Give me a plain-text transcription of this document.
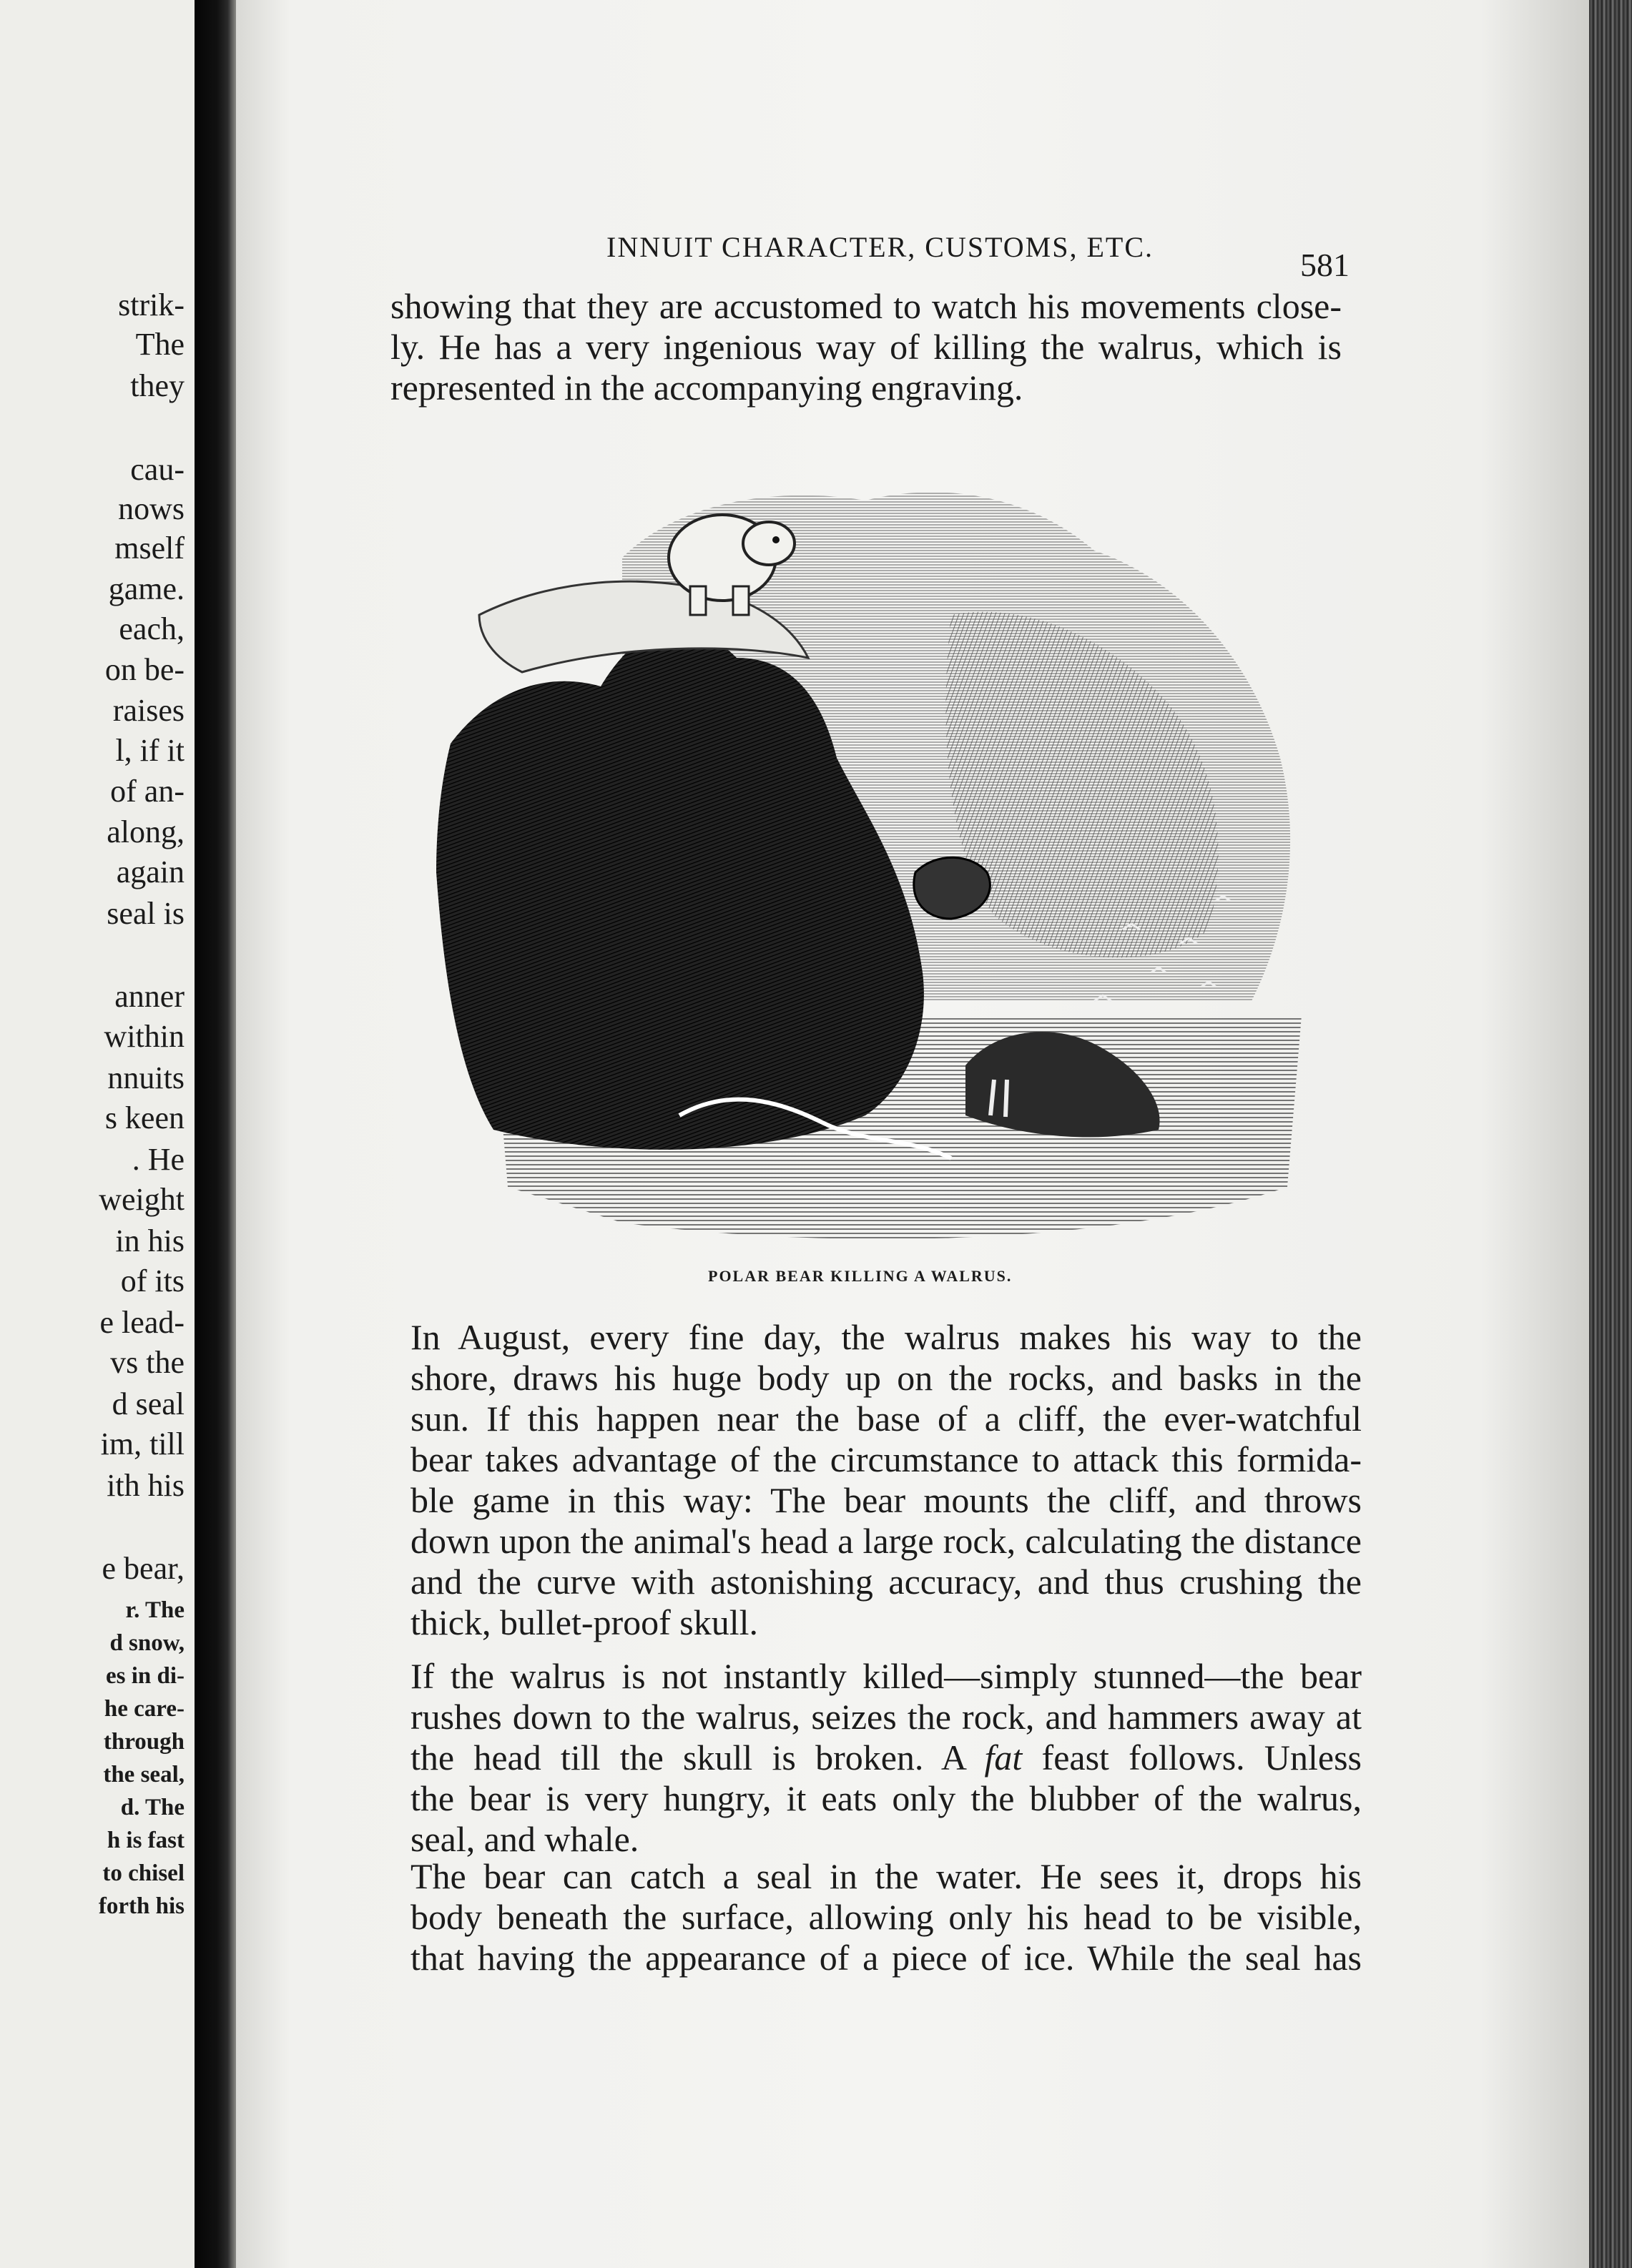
strik-
The
they
cau-
nows
mself
game.
each,
on be-
raises
l, if it
of an-
along,
again
seal is
anner
within
nnuits
s keen
. He
weight
in his
of its
e lead-
vs the
d seal
im, till
ith his
e bear,
r. The
d snow,
es in di-
he care-
through
the seal,
d. The
h is fast
to chisel
forth his
INNUIT CHARACTER, CUSTOMS, ETC.	581

showing that they are accustomed to watch his movements close-
ly. He has a very ingenious way of killing the walrus, which is
represented in the accompanying engraving.

POLAR BEAR KILLING A WALRUS.

In August, every fine day, the walrus makes his way to the
shore, draws his huge body up on the rocks, and basks in the
sun. If this happen near the base of a cliff, the ever-watchful
bear takes advantage of the circumstance to attack this formida-
ble game in this way: The bear mounts the cliff, and throws
down upon the animal's head a large rock, calculating the distance
and the curve with astonishing accuracy, and thus crushing the
thick, bullet-proof skull.

If the walrus is not instantly killed—simply stunned—the bear
rushes down to the walrus, seizes the rock, and hammers away at
the head till the skull is broken. A fat feast follows. Unless
the bear is very hungry, it eats only the blubber of the walrus,
seal, and whale.

The bear can catch a seal in the water. He sees it, drops his
body beneath the surface, allowing only his head to be visible,
that having the appearance of a piece of ice. While the seal has
